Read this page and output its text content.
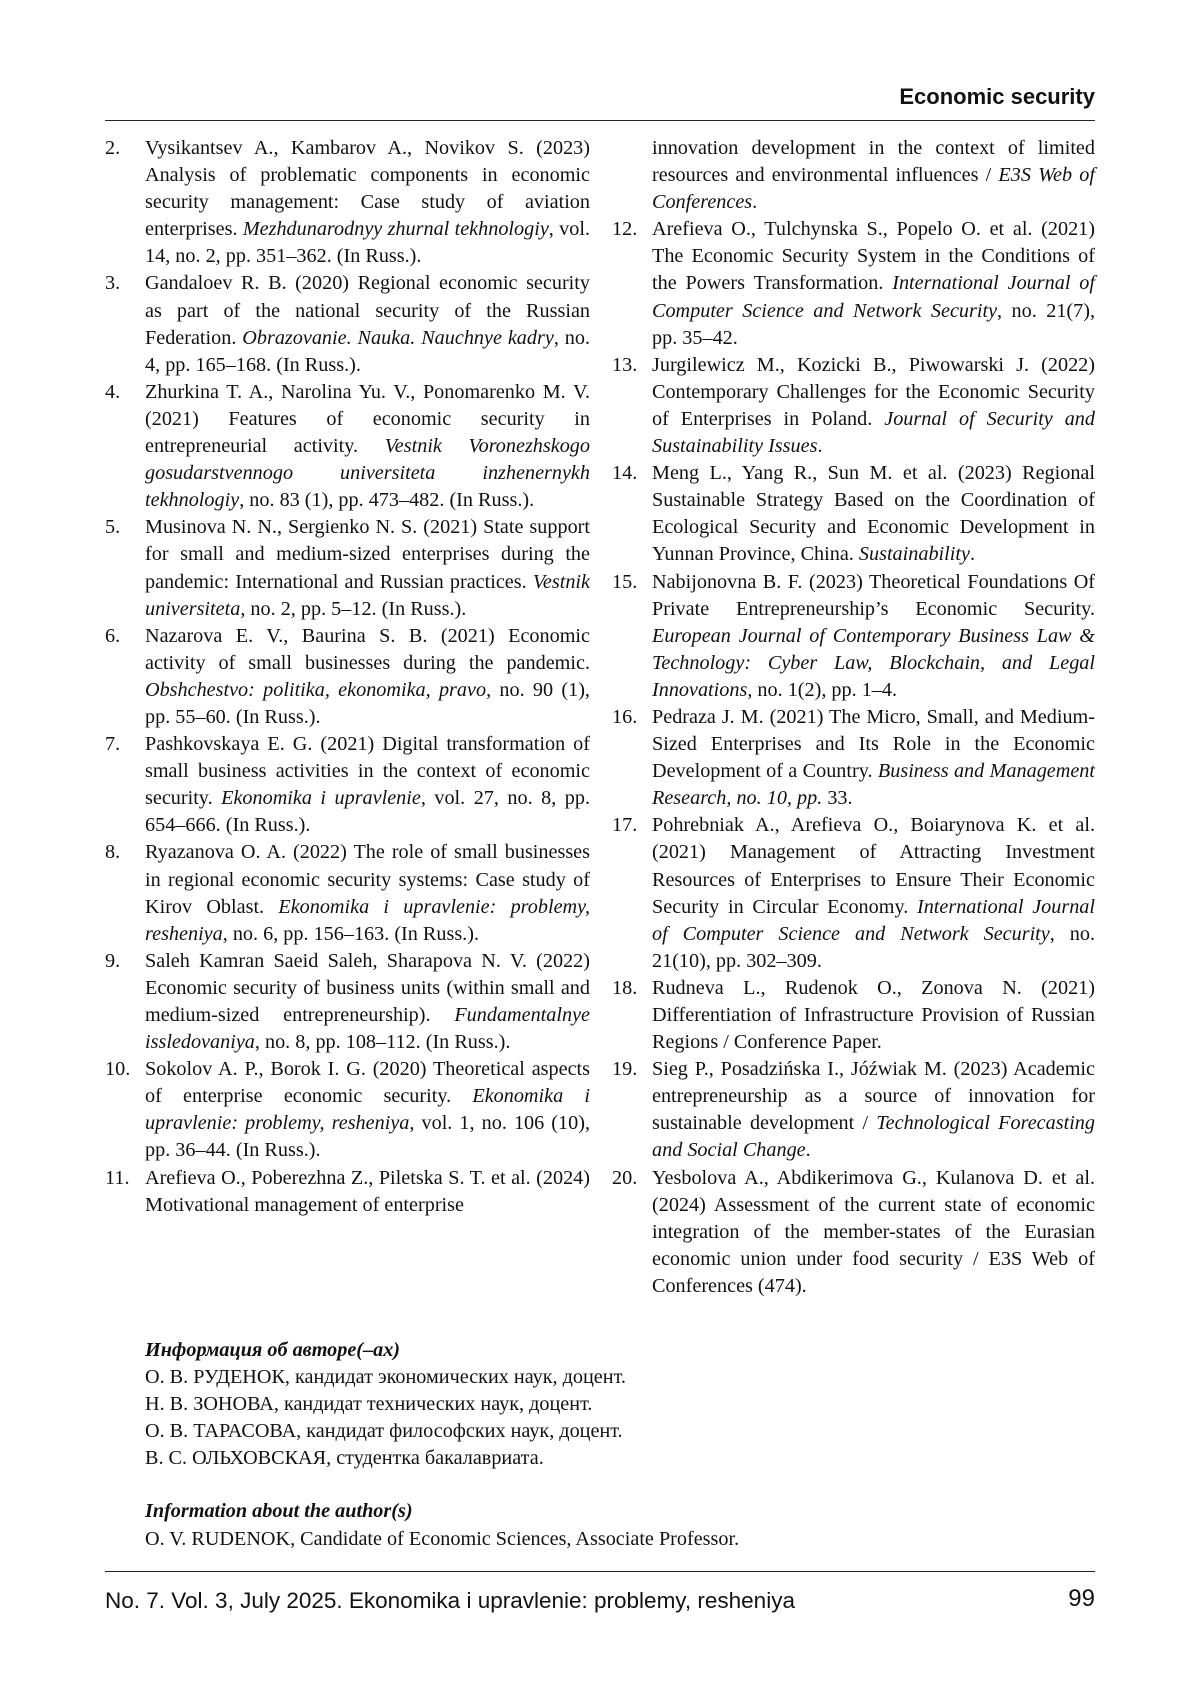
Economic security
2.	Vysikantsev A., Kambarov A., Novikov S. (2023) Analysis of problematic components in economic security management: Case study of aviation enterprises. Mezhdunarodnyy zhurnal tekhnologiy, vol. 14, no. 2, pp. 351–362. (In Russ.).
3.	Gandaloev R. B. (2020) Regional economic security as part of the national security of the Russian Federation. Obrazovanie. Nauka. Nauchnye kadry, no. 4, pp. 165–168. (In Russ.).
4.	Zhurkina T. A., Narolina Yu. V., Ponomarenko M. V. (2021) Features of economic security in entrepreneurial activity. Vestnik Voronezhskogo gosudarstvennogo universiteta inzhenernykh tekhnologiy, no. 83 (1), pp. 473–482. (In Russ.).
5.	Musinova N. N., Sergienko N. S. (2021) State support for small and medium-sized enterprises during the pandemic: International and Russian practices. Vestnik universiteta, no. 2, pp. 5–12. (In Russ.).
6.	Nazarova E. V., Baurina S. B. (2021) Economic activity of small businesses during the pandemic. Obshchestvo: politika, ekonomika, pravo, no. 90 (1), pp. 55–60. (In Russ.).
7.	Pashkovskaya E. G. (2021) Digital transformation of small business activities in the context of economic security. Ekonomika i upravlenie, vol. 27, no. 8, pp. 654–666. (In Russ.).
8.	Ryazanova O. A. (2022) The role of small businesses in regional economic security systems: Case study of Kirov Oblast. Ekonomika i upravlenie: problemy, resheniya, no. 6, pp. 156–163. (In Russ.).
9.	Saleh Kamran Saeid Saleh, Sharapova N. V. (2022) Economic security of business units (within small and medium-sized entrepreneurship). Fundamentalnye issledovaniya, no. 8, pp. 108–112. (In Russ.).
10. Sokolov A. P., Borok I. G. (2020) Theoretical aspects of enterprise economic security. Ekonomika i upravlenie: problemy, resheniya, vol. 1, no. 106 (10), pp. 36–44. (In Russ.).
11. Arefieva O., Poberezhna Z., Piletska S. T. et al. (2024) Motivational management of enterprise
innovation development in the context of limited resources and environmental influences / E3S Web of Conferences.
12. Arefieva O., Tulchynska S., Popelo O. et al. (2021) The Economic Security System in the Conditions of the Powers Transformation. International Journal of Computer Science and Network Security, no. 21(7), pp. 35–42.
13. Jurgilewicz M., Kozicki B., Piwowarski J. (2022) Contemporary Challenges for the Economic Security of Enterprises in Poland. Journal of Security and Sustainability Issues.
14. Meng L., Yang R., Sun M. et al. (2023) Regional Sustainable Strategy Based on the Coordination of Ecological Security and Economic Development in Yunnan Province, China. Sustainability.
15. Nabijonovna B. F. (2023) Theoretical Foundations Of Private Entrepreneurship’s Economic Security. European Journal of Contemporary Business Law & Technology: Cyber Law, Blockchain, and Legal Innovations, no. 1(2), pp. 1–4.
16. Pedraza J. M. (2021) The Micro, Small, and Medium-Sized Enterprises and Its Role in the Economic Development of a Country. Business and Management Research, no. 10, pp. 33.
17. Pohrebniak A., Arefieva O., Boiarynova K. et al. (2021) Management of Attracting Investment Resources of Enterprises to Ensure Their Economic Security in Circular Economy. International Journal of Computer Science and Network Security, no. 21(10), pp. 302–309.
18. Rudneva L., Rudenok O., Zonova N. (2021) Differentiation of Infrastructure Provision of Russian Regions / Conference Paper.
19. Sieg P., Posadzińska I., Jóźwiak M. (2023) Academic entrepreneurship as a source of innovation for sustainable development / Technological Forecasting and Social Change.
20. Yesbolova A., Abdikerimova G., Kulanova D. et al. (2024) Assessment of the current state of economic integration of the member-states of the Eurasian economic union under food security / E3S Web of Conferences (474).
Информация об авторе(–ах)
О. В. РУДЕНОК, кандидат экономических наук, доцент.
Н. В. ЗОНОВА, кандидат технических наук, доцент.
О. В. ТАРАСОВА, кандидат философских наук, доцент.
В. С. ОЛЬХОВСКАЯ, студентка бакалавриата.
Information about the author(s)
O. V. RUDENOK, Candidate of Economic Sciences, Associate Professor.
No. 7. Vol. 3, July 2025. Ekonomika i upravlenie: problemy, resheniya	99
